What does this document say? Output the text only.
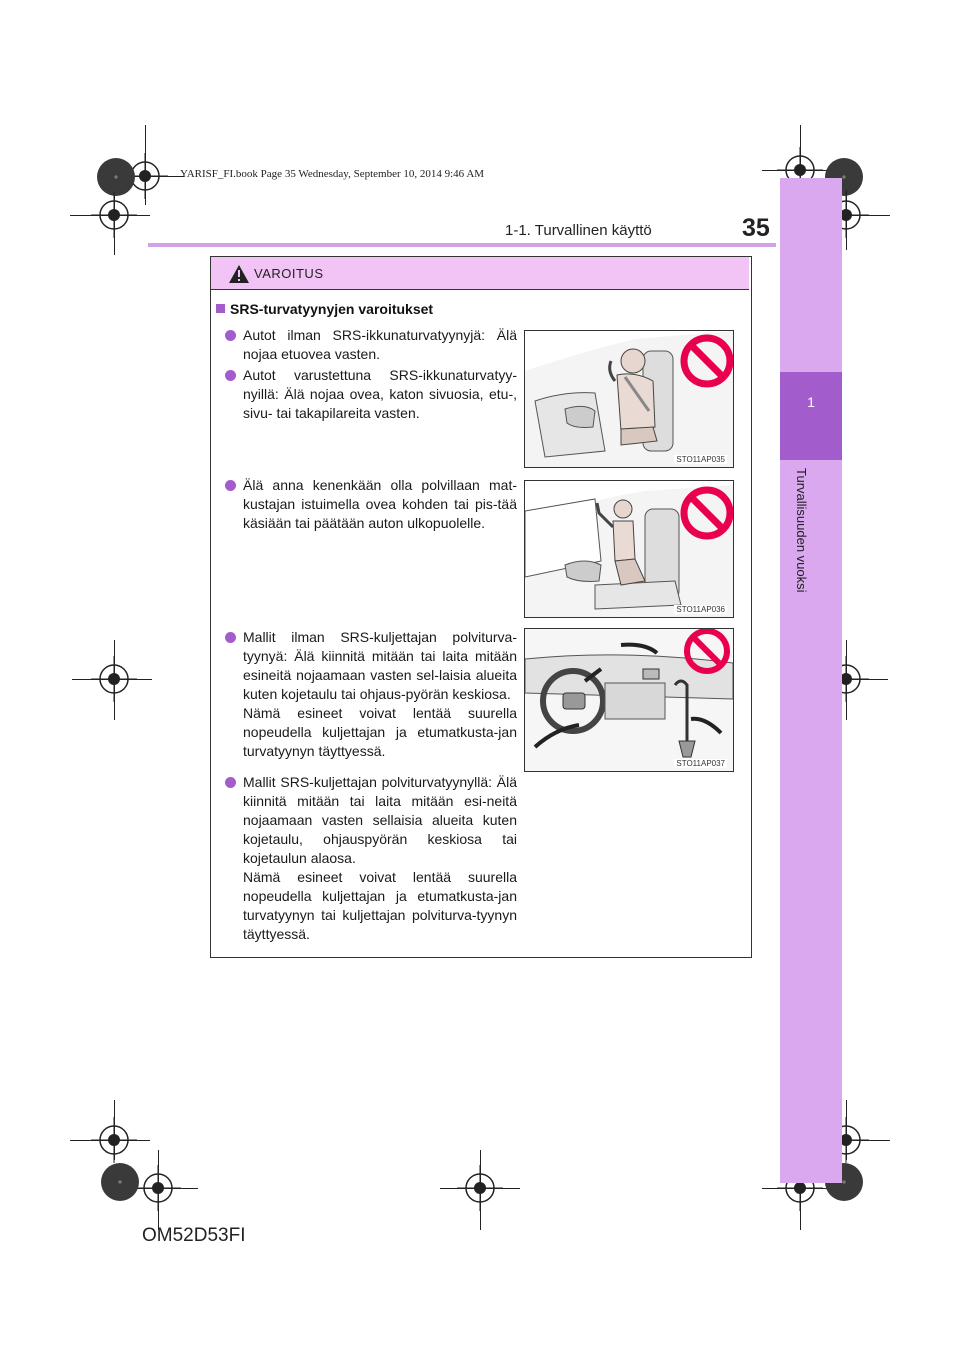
YARISF_FI.book Page 35 Wednesday, September 10, 2014 9:46 AM
1
Turvallisuuden vuoksi
1-1. Turvallinen käyttö	35
VAROITUS
SRS-turvatyynyjen varoitukset
Autot ilman SRS-ikkunaturvatyynyjä: Älä nojaa etuovea vasten.
Autot varustettuna SRS-ikkunaturvatyy-nyillä: Älä nojaa ovea, katon sivuosia, etu-, sivu- tai takapilareita vasten.
Älä anna kenenkään olla polvillaan mat-kustajan istuimella ovea kohden tai pis-tää käsiään tai päätään auton ulkopuolelle.
Mallit ilman SRS-kuljettajan polviturva-tyynyä: Älä kiinnitä mitään tai laita mitään esineitä nojaamaan vasten sel-laisia alueita kuten kojetaulu tai ohjaus-pyörän keskiosa.
Nämä esineet voivat lentää suurella nopeudella kuljettajan ja etumatkusta-jan turvatyynyn täyttyessä.
Mallit SRS-kuljettajan polviturvatyynyllä: Älä kiinnitä mitään tai laita mitään esi-neitä nojaamaan vasten sellaisia alueita kuten kojetaulu, ohjauspyörän keskiosa tai kojetaulun alaosa.
Nämä esineet voivat lentää suurella nopeudella kuljettajan ja etumatkusta-jan turvatyynyn tai kuljettajan polviturva-tyynyn täyttyessä.
STO11AP035
STO11AP036
STO11AP037
OM52D53FI
